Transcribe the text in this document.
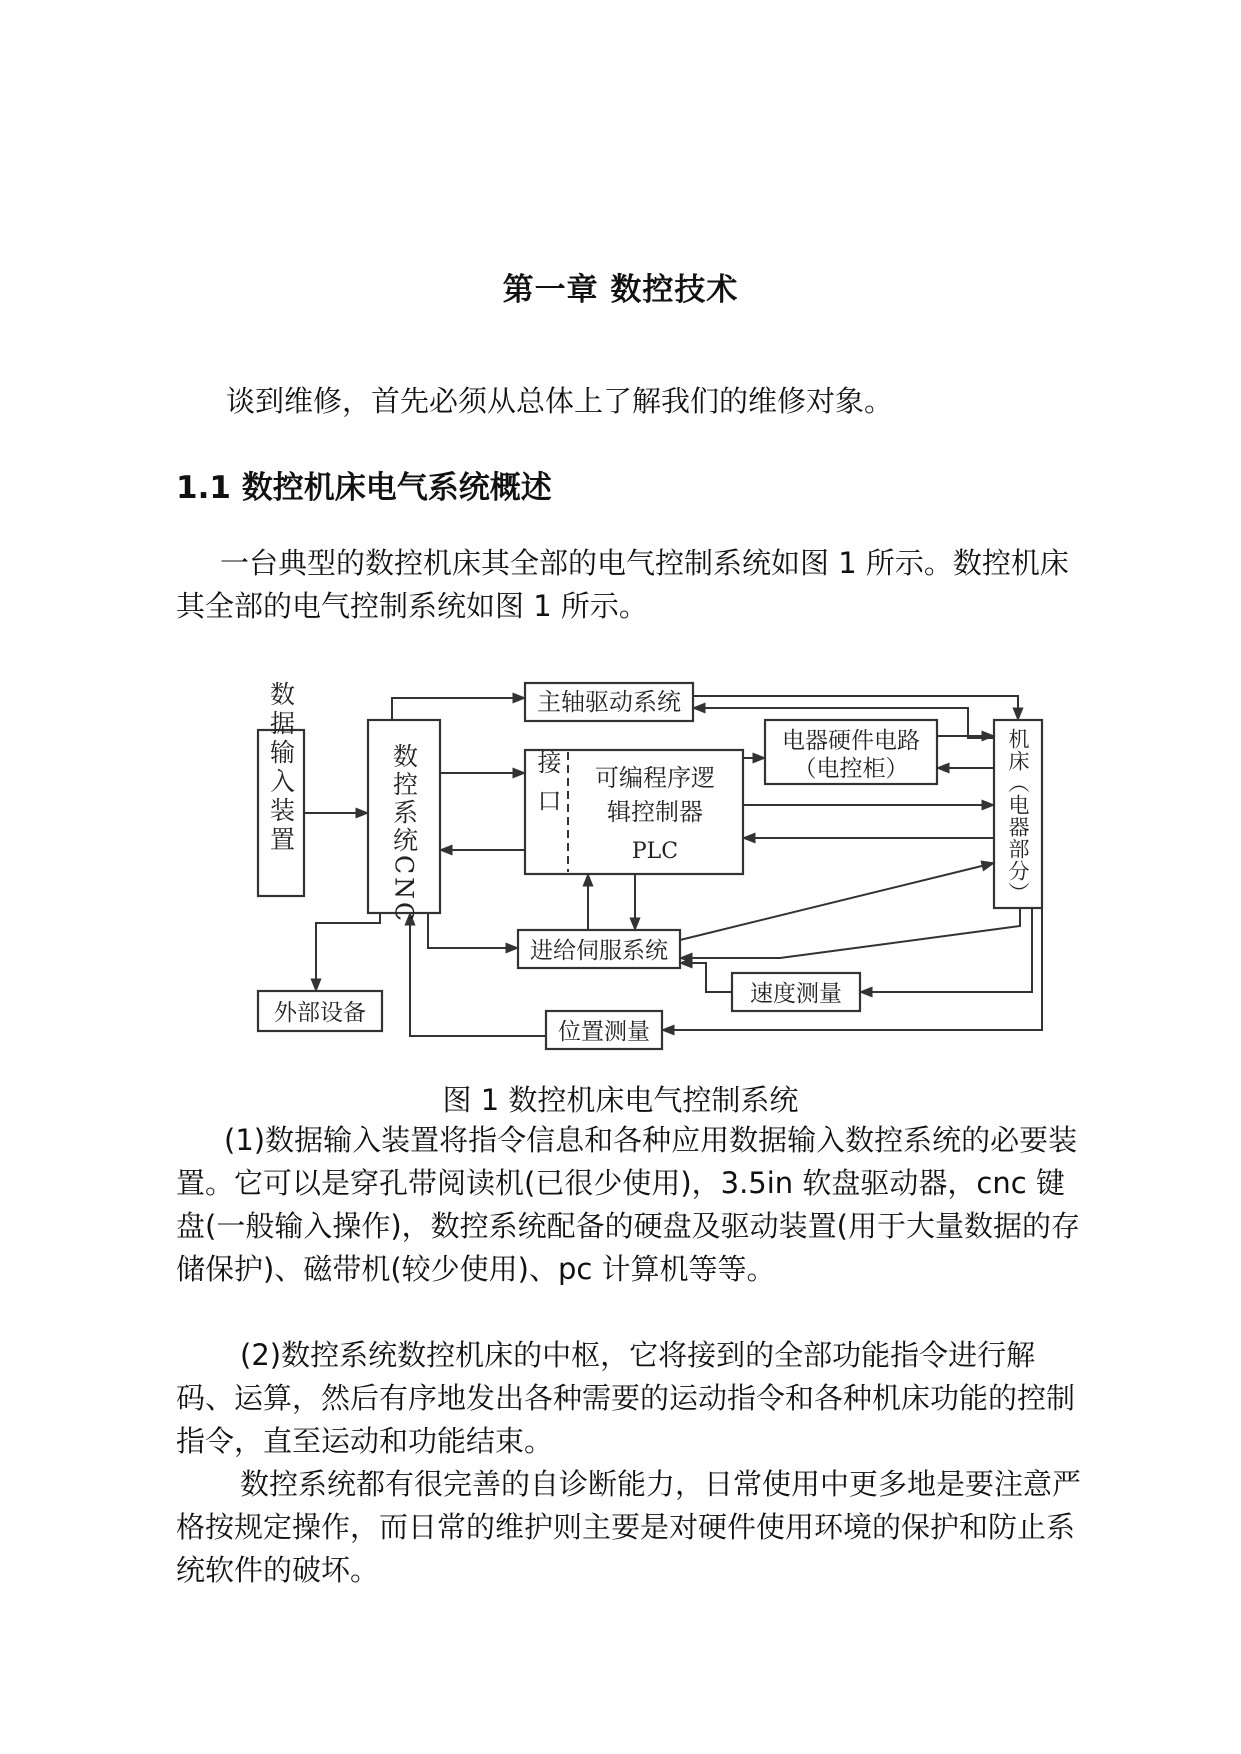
第一章 数控技术
谈到维修，首先必须从总体上了解我们的维修对象。
1.1 数控机床电气系统概述
一台典型的数控机床其全部的电气控制系统如图 1 所示。数控机床其全部的电气控制系统如图 1 所示。
数据输入装置	数控系统CNC
主轴驱动系统
接口 可编程序逻
辑控制器
PLC
电器硬件电路
（电控柜）	机床（电器部分）
进给伺服系统
速度测量
位置测量
外部设备
图 1 数控机床电气控制系统
(1)数据输入装置将指令信息和各种应用数据输入数控系统的必要装置。它可以是穿孔带阅读机(已很少使用)，3.5in 软盘驱动器，cnc 键盘(一般输入操作)，数控系统配备的硬盘及驱动装置(用于大量数据的存储保护)、磁带机(较少使用)、pc 计算机等等。
(2)数控系统数控机床的中枢，它将接到的全部功能指令进行解码、运算，然后有序地发出各种需要的运动指令和各种机床功能的控制指令，直至运动和功能结束。
数控系统都有很完善的自诊断能力，日常使用中更多地是要注意严格按规定操作，而日常的维护则主要是对硬件使用环境的保护和防止系统软件的破坏。
